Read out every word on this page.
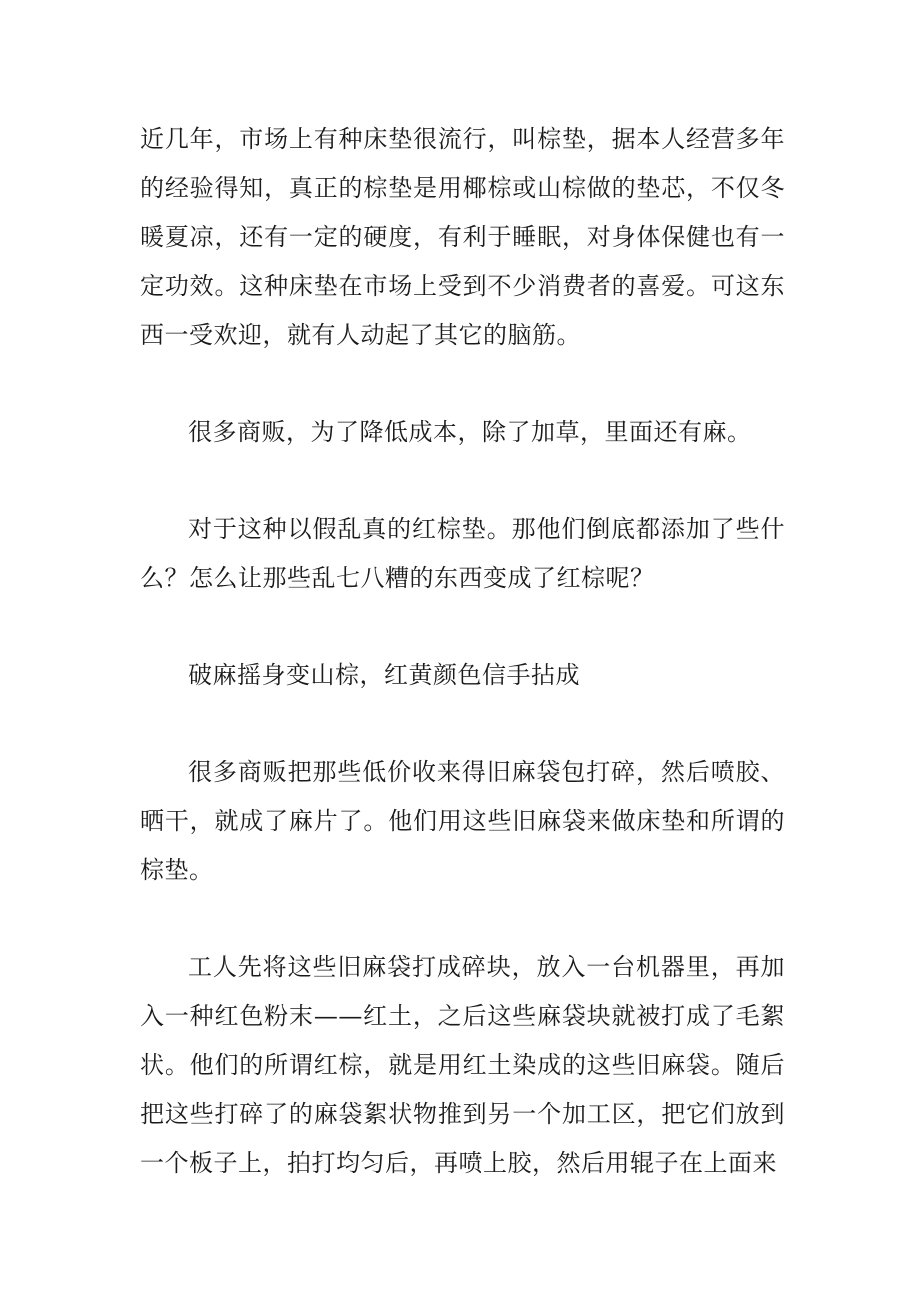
近几年，市场上有种床垫很流行，叫棕垫，据本人经营多年的经验得知，真正的棕垫是用椰棕或山棕做的垫芯，不仅冬暖夏凉，还有一定的硬度，有利于睡眠，对身体保健也有一定功效。这种床垫在市场上受到不少消费者的喜爱。可这东西一受欢迎，就有人动起了其它的脑筋。

很多商贩，为了降低成本，除了加草，里面还有麻。

对于这种以假乱真的红棕垫。那他们倒底都添加了些什么？怎么让那些乱七八糟的东西变成了红棕呢？

破麻摇身变山棕，红黄颜色信手拈成

很多商贩把那些低价收来得旧麻袋包打碎，然后喷胶、晒干，就成了麻片了。他们用这些旧麻袋来做床垫和所谓的棕垫。

工人先将这些旧麻袋打成碎块，放入一台机器里，再加入一种红色粉末——红土，之后这些麻袋块就被打成了毛絮状。他们的所谓红棕，就是用红土染成的这些旧麻袋。随后把这些打碎了的麻袋絮状物推到另一个加工区，把它们放到一个板子上，拍打均匀后，再喷上胶，然后用辊子在上面来
